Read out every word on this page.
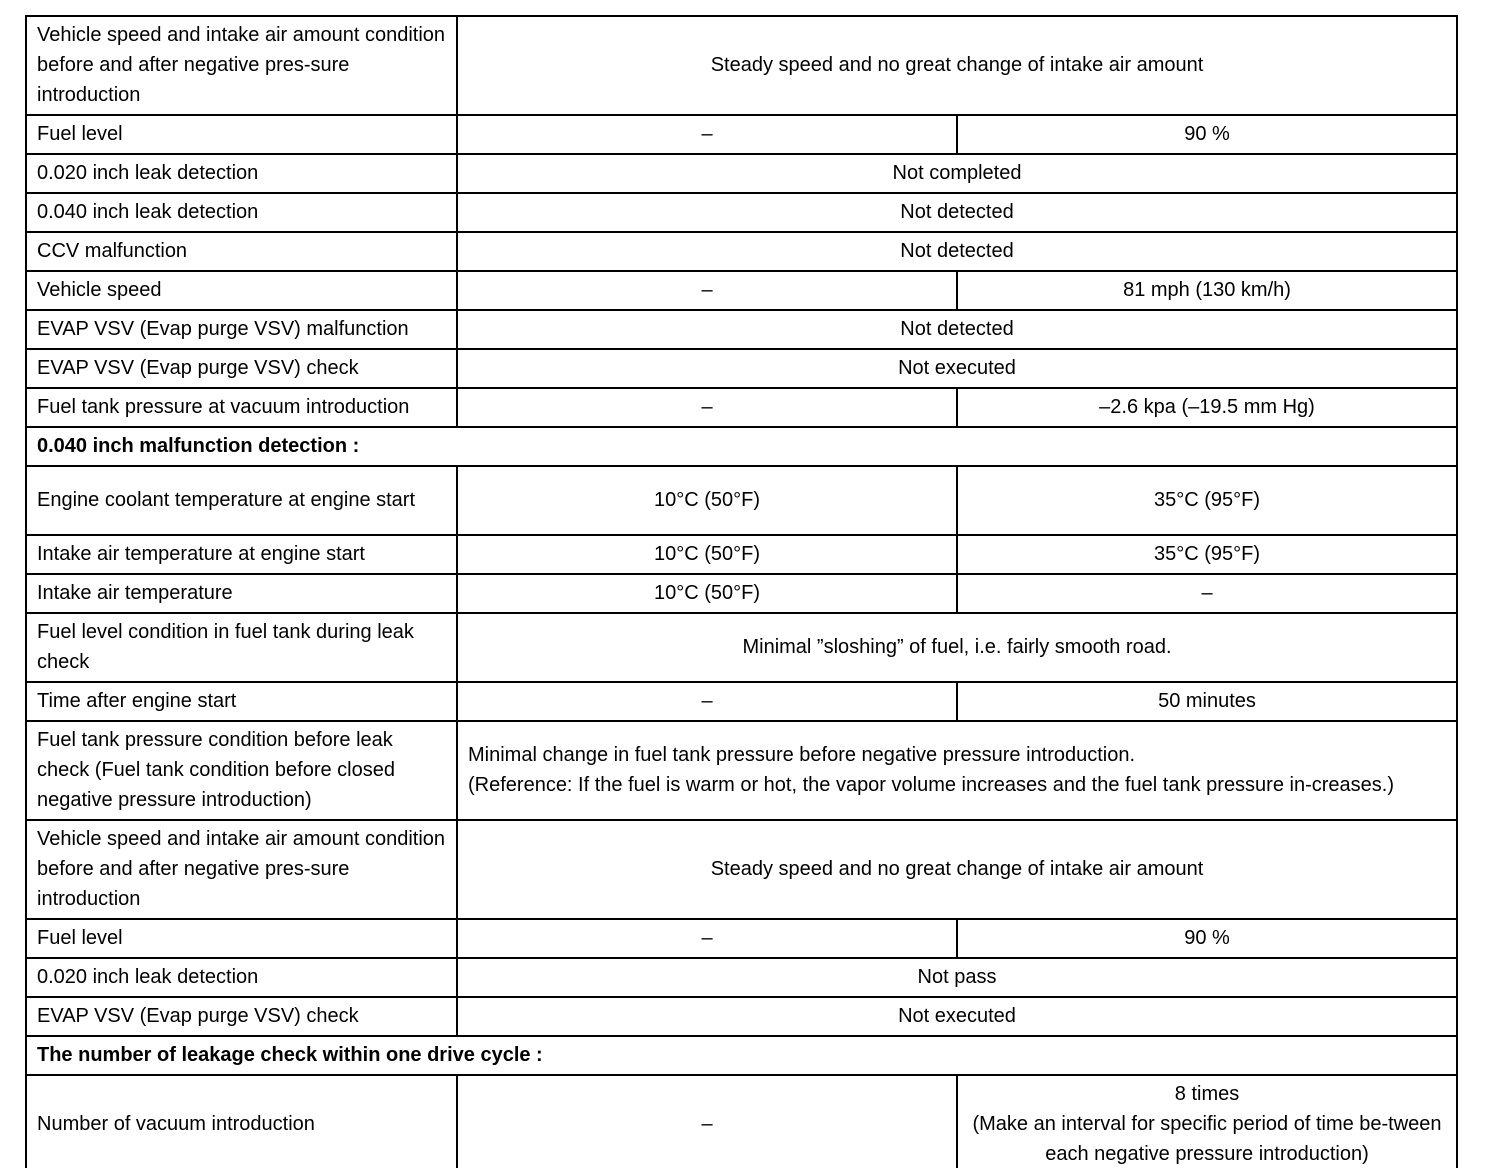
Vehicle speed and intake air amount condition before and after negative pres-sure introduction	Steady speed and no great change of intake air amount	
Fuel level	–	90 %
0.020 inch leak detection	Not completed	
0.040 inch leak detection	Not detected	
CCV malfunction	Not detected	
Vehicle speed	–	81 mph (130 km/h)
EVAP VSV (Evap purge VSV) malfunction	Not detected	
EVAP VSV (Evap purge VSV) check	Not executed	
Fuel tank pressure at vacuum introduction	–	–2.6 kpa (–19.5 mm Hg)
0.040 inch malfunction detection :		
Engine coolant temperature at engine start	10°C (50°F)	35°C (95°F)
Intake air temperature at engine start	10°C (50°F)	35°C (95°F)
Intake air temperature	10°C (50°F)	–
Fuel level condition in fuel tank during leak check	Minimal ”sloshing” of fuel, i.e. fairly smooth road.	
Time after engine start	–	50 minutes
Fuel tank pressure condition before leak check (Fuel tank condition before closed negative pressure introduction)	Minimal change in fuel tank pressure before negative pressure introduction.
(Reference: If the fuel is warm or hot, the vapor volume increases and the fuel tank pressure in-creases.)	

Vehicle speed and intake air amount condition before and after negative pres-sure introduction	Steady speed and no great change of intake air amount	
Fuel level	–	90 %
0.020 inch leak detection	Not pass	
EVAP VSV (Evap purge VSV) check	Not executed	
The number of leakage check within one drive cycle :		
Number of vacuum introduction	–	8 times
(Make an interval for specific period of time be-tween each negative pressure introduction)
